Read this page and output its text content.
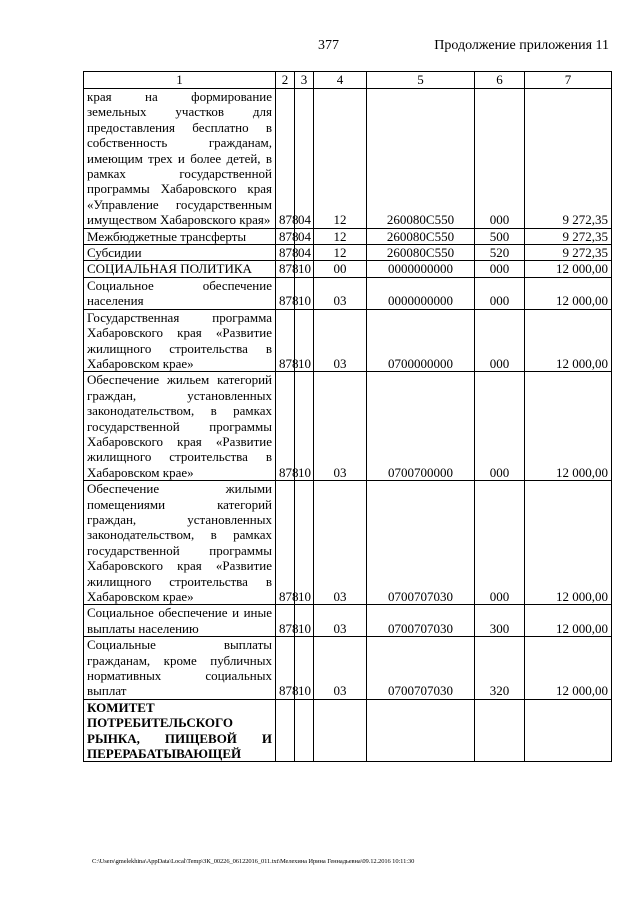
377	Продолжение приложения 11
1	2	3	4	5	6	7
края на формирование земельных участков для предоставления бесплатно в собственность гражданам, имеющим трех и более детей, в рамках государственной программы Хабаровского края «Управление государственным имуществом Хабаровского края»	878	04	12	260080С550	000	9 272,35
Межбюджетные трансферты	878	04	12	260080С550	500	9 272,35
Субсидии	878	04	12	260080С550	520	9 272,35
СОЦИАЛЬНАЯ ПОЛИТИКА	878	10	00	0000000000	000	12 000,00
Социальное обеспечение населения	878	10	03	0000000000	000	12 000,00
Государственная программа Хабаровского края «Развитие жилищного строительства в Хабаровском крае»	878	10	03	0700000000	000	12 000,00
Обеспечение жильем категорий граждан, установленных законодательством, в рамках государственной программы Хабаровского края «Развитие жилищного строительства в Хабаровском крае»	878	10	03	0700700000	000	12 000,00
Обеспечение жилыми помещениями категорий граждан, установленных законодательством, в рамках государственной программы Хабаровского края «Развитие жилищного строительства в Хабаровском крае»	878	10	03	0700707030	000	12 000,00
Социальное обеспечение и иные выплаты населению	878	10	03	0700707030	300	12 000,00
Социальные выплаты гражданам, кроме публичных нормативных социальных выплат	878	10	03	0700707030	320	12 000,00
КОМИТЕТ ПОТРЕБИТЕЛЬСКОГО РЫНКА, ПИЩЕВОЙ И ПЕРЕРАБАТЫВАЮЩЕЙ						
C:\Users\gmelekhina\AppData\Local\Temp\ЗК_00226_06122016_011.txt\Мелехина Ирина Геннадьевна\09.12.2016 10:11:30
